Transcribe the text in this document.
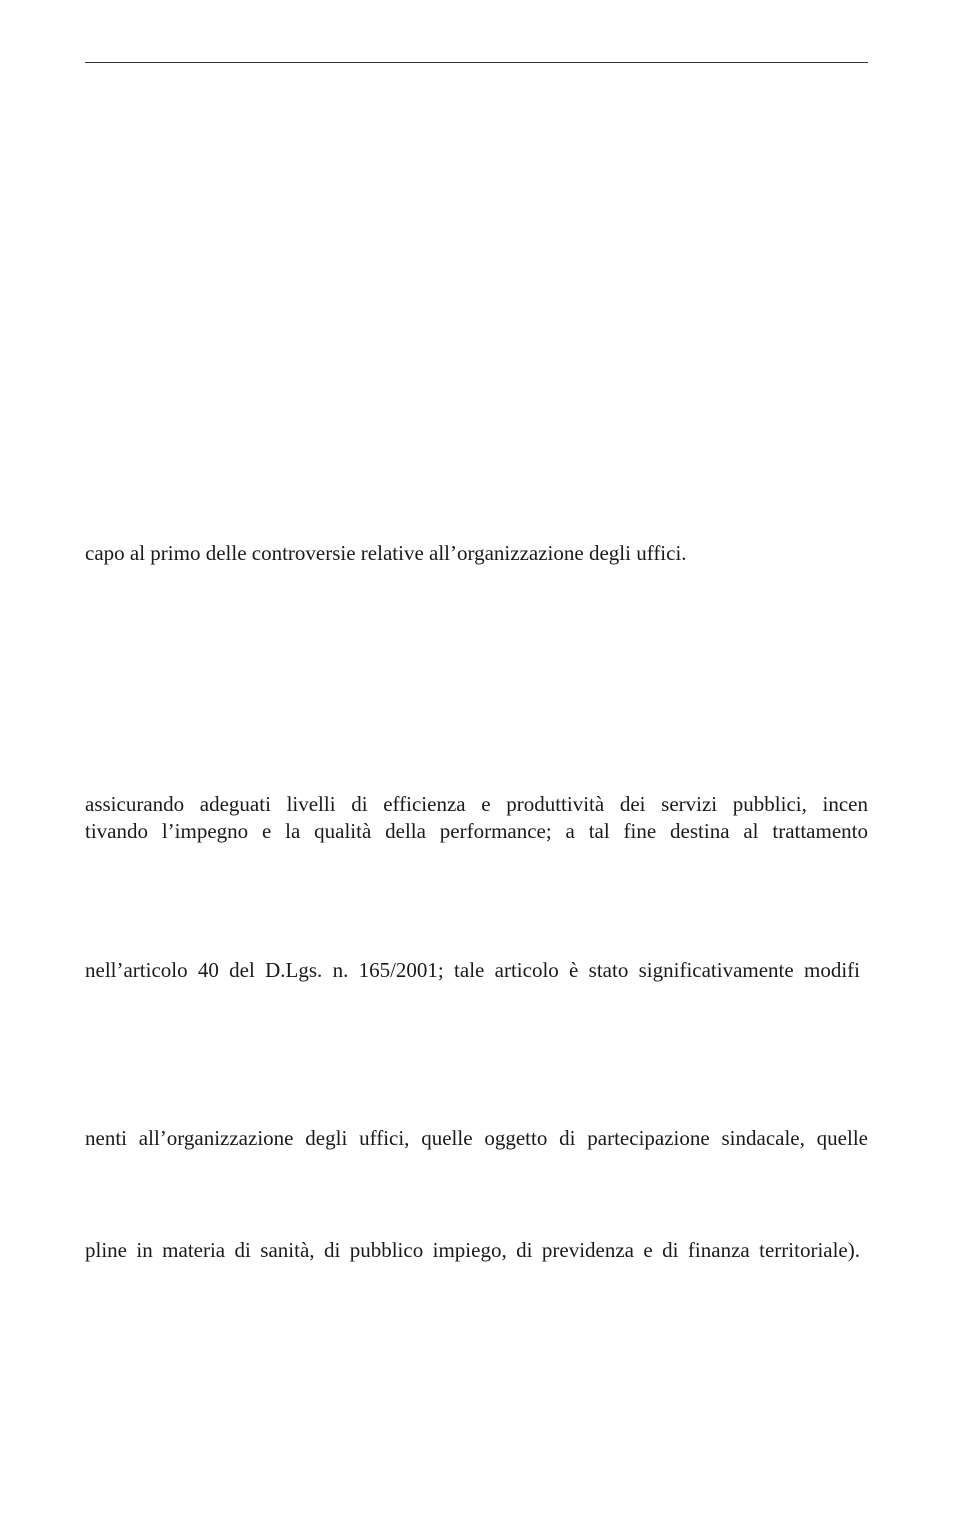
capo al primo delle controversie relative all’organizzazione degli uffici.
assicurando adeguati livelli di efficienza e produttività dei servizi pubblici, incen
tivando l’impegno e la qualità della performance; a tal fine destina al trattamento
nell’articolo 40 del D.Lgs. n. 165/2001; tale articolo è stato significativamente modifi
nenti all’organizzazione degli uffici, quelle oggetto di partecipazione sindacale, quelle
pline in materia di sanità, di pubblico impiego, di previdenza e di finanza territoriale).
